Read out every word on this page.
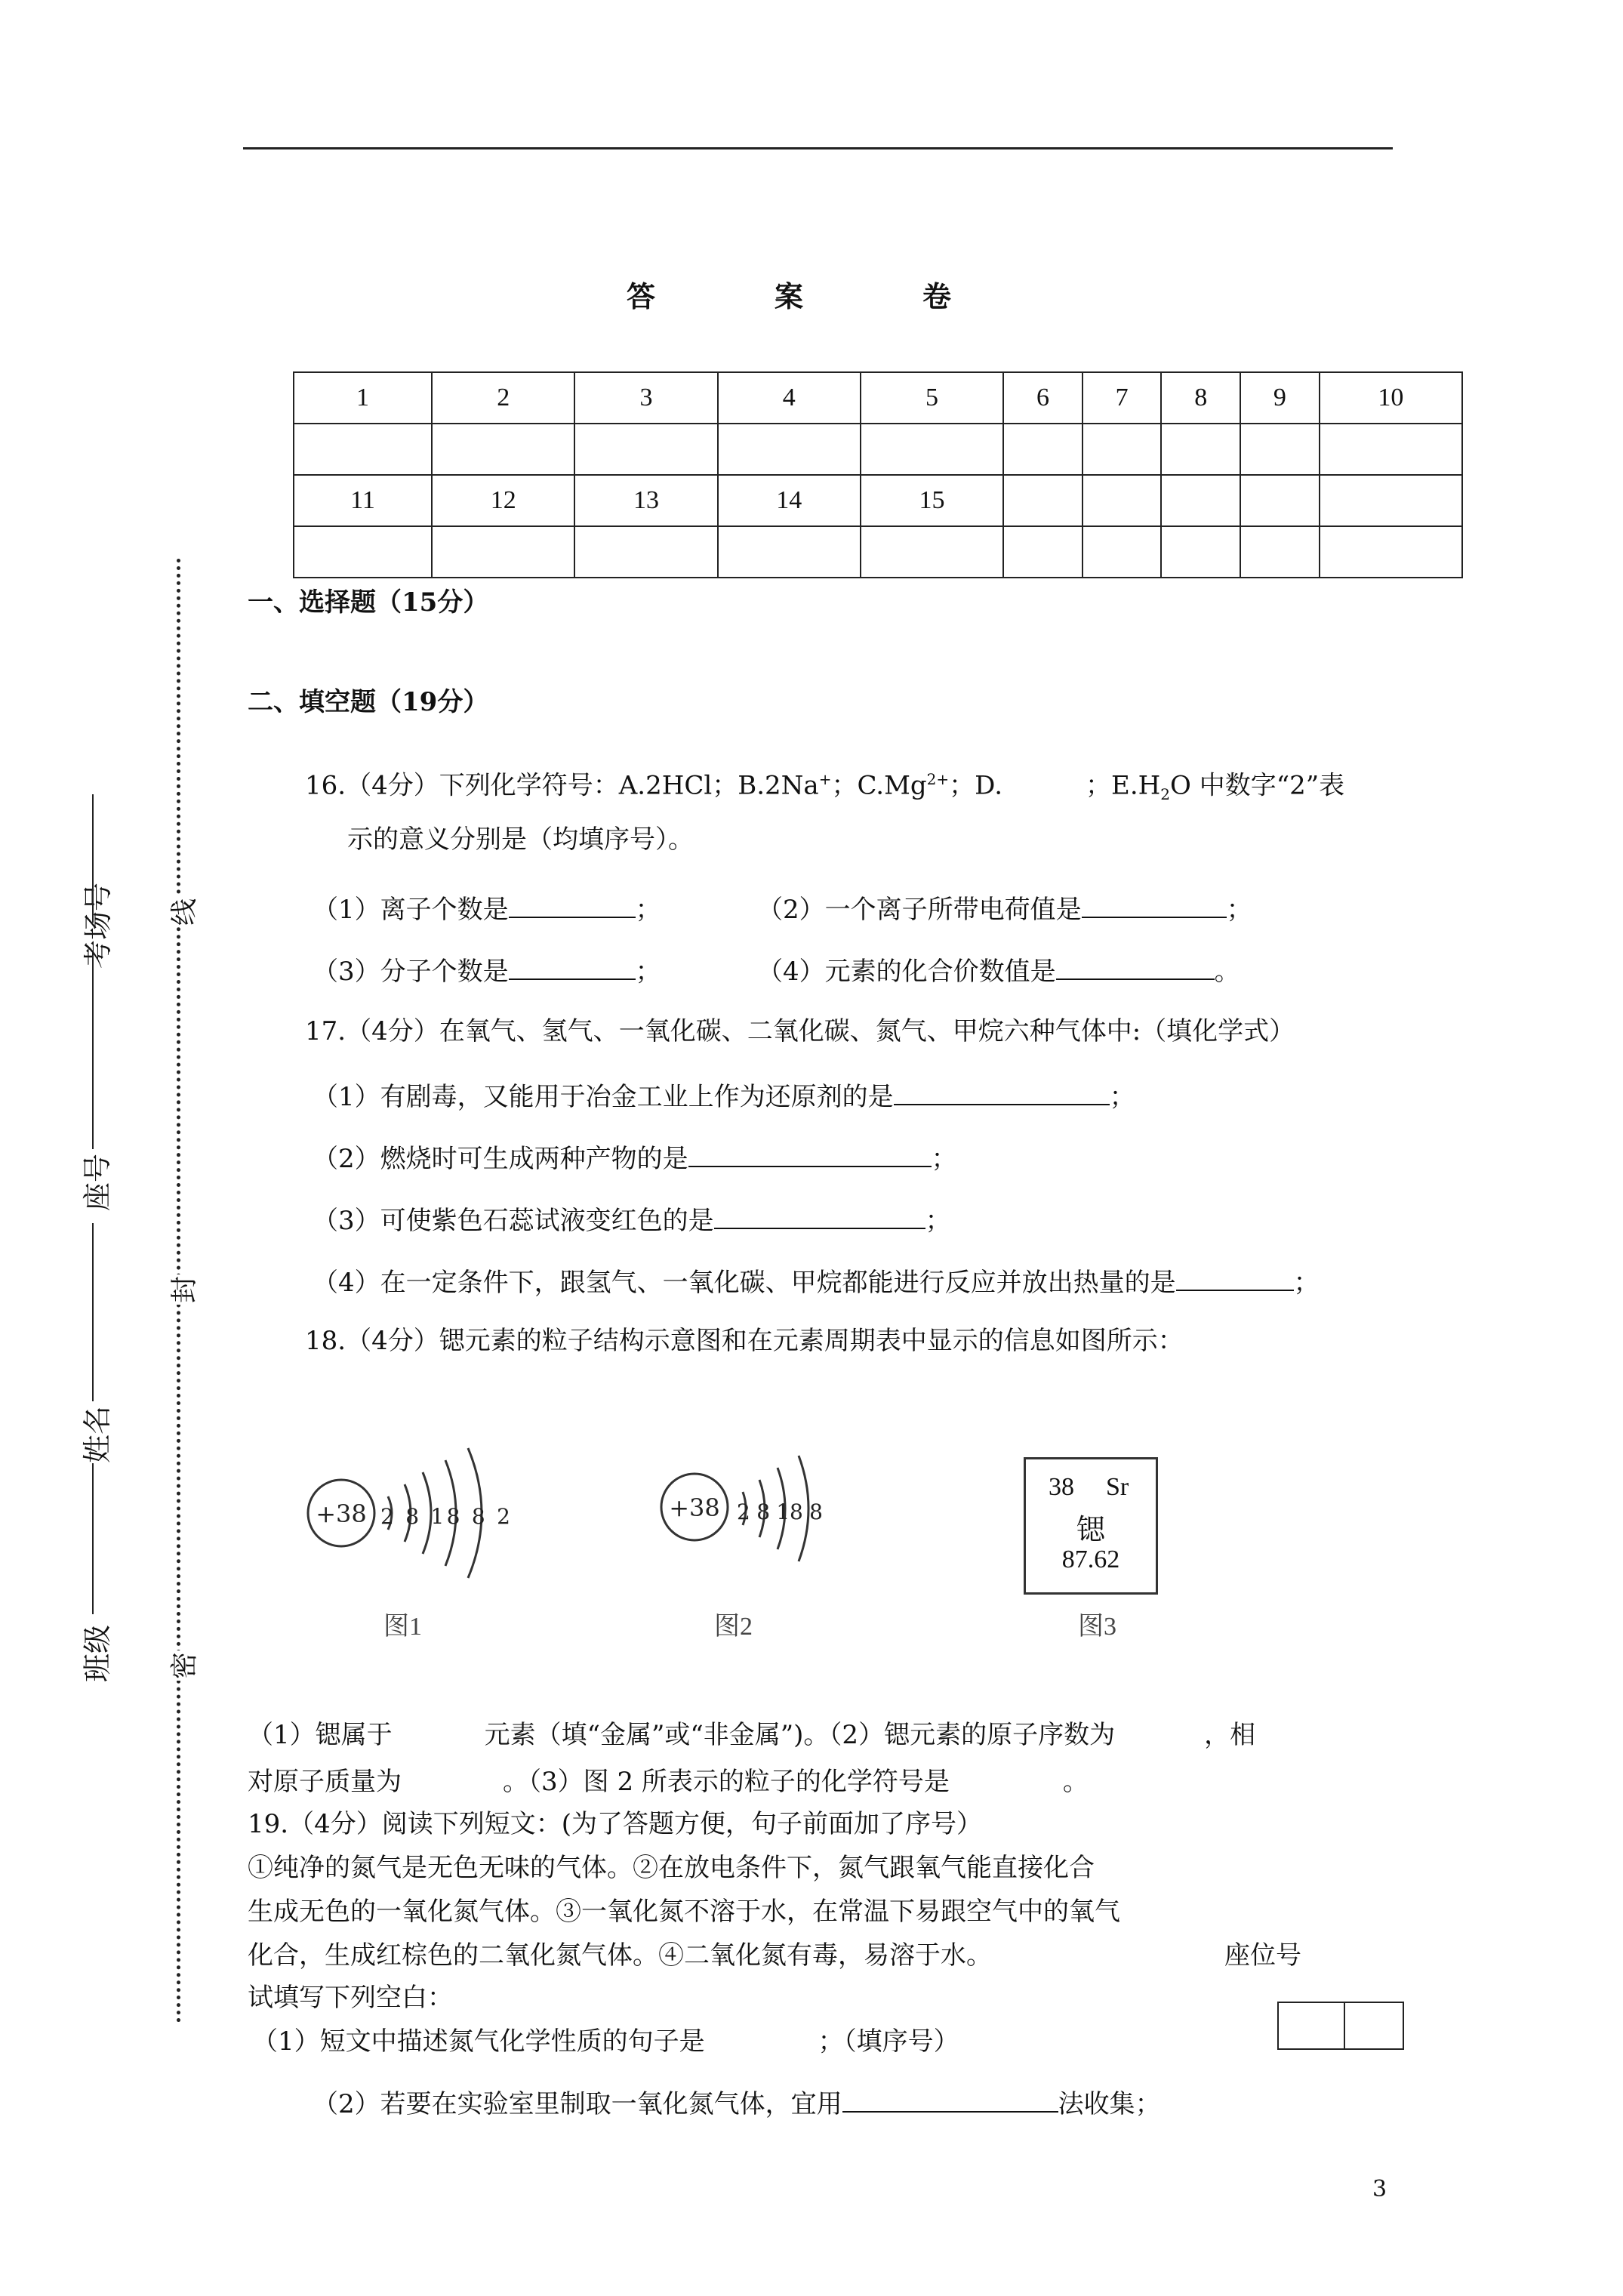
答　案　卷
1	2	3	4	5	6	7	8	9	10

11	12	13	14	15					

一、选择题（15分）
二、填空题（19分）
16.（4分）下列化学符号：A.2HCl；B.2Na+；$C.Mg^{2+}$；D.	；$E.H_2O$ 中数字“2”表
示的意义分别是（均填序号）。
（1）离子个数是	；	（2）一个离子所带电荷值是	；
（3）分子个数是	；	（4）元素的化合价数值是	。
17.（4分）在氧气、氢气、一氧化碳、二氧化碳、氮气、甲烷六种气体中:（填化学式）
（1）有剧毒，又能用于冶金工业上作为还原剂的是	；
（2）燃烧时可生成两种产物的是	；
（3）可使紫色石蕊试液变红色的是	；
（4）在一定条件下，跟氢气、一氧化碳、甲烷都能进行反应并放出热量的是	；
18.（4分）锶元素的粒子结构示意图和在元素周期表中显示的信息如图所示：
+38 2 8 18 8 2
图1
+38 2 8 18 8
图2
38 Sr
锶
87.62
图3
（1）锶属于	元素（填“金属”或“非金属”)。（2）锶元素的原子序数为	，相
对原子质量为	。（3）图 2 所表示的粒子的化学符号是	。
19.（4分）阅读下列短文：(为了答题方便，句子前面加了序号）
①纯净的氮气是无色无味的气体。②在放电条件下，氮气跟氧气能直接化合
生成无色的一氧化氮气体。③一氧化氮不溶于水，在常温下易跟空气中的氧气
化合，生成红棕色的二氧化氮气体。④二氧化氮有毒，易溶于水。	座位号
试填写下列空白：
（1）短文中描述氮气化学性质的句子是	；（填序号）
（2）若要在实验室里制取一氧化氮气体，宜用	法收集；
3
考场号
座号
姓名
班级
线
封
密
